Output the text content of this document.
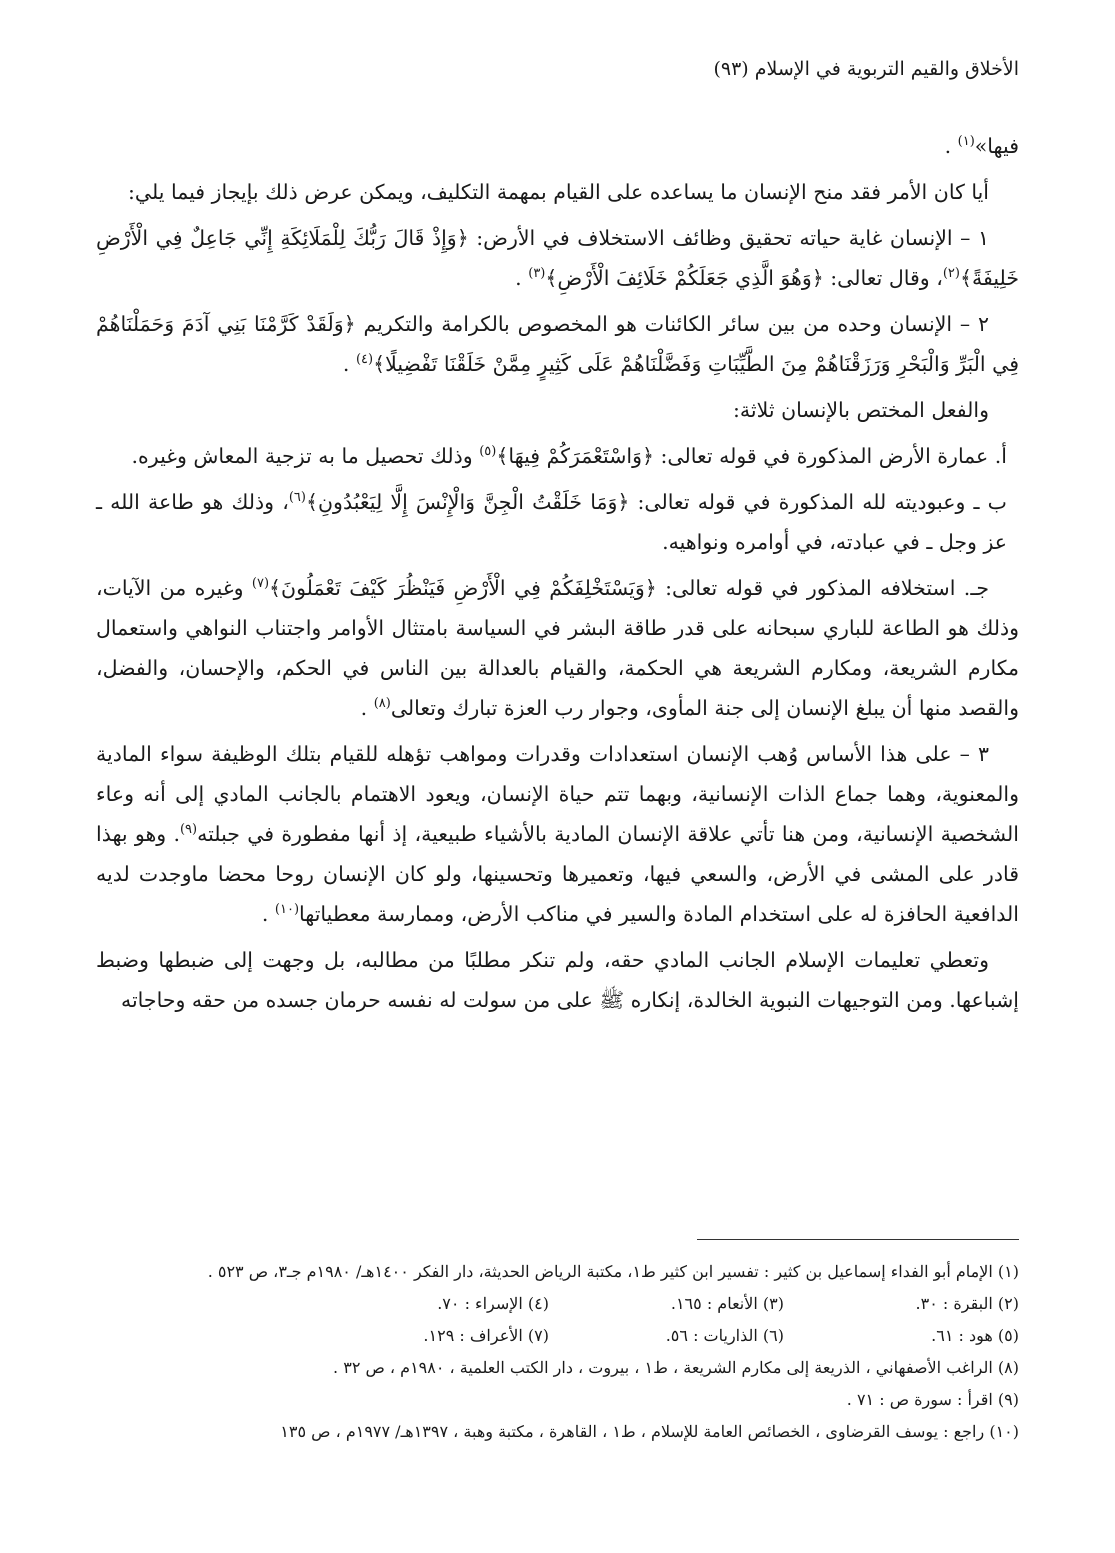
الأخلاق والقيم التربوية في الإسلام (٩٣)

فيها»$^{(١)}$ .

أيا كان الأمر فقد منح الإنسان ما يساعده على القيام بمهمة التكليف، ويمكن عرض ذلك بإيجاز فيما يلي:

١ – الإنسان غاية حياته تحقيق وظائف الاستخلاف في الأرض: ﴿وَإِذْ قَالَ رَبُّكَ لِلْمَلَائِكَةِ إِنِّي جَاعِلٌ فِي الْأَرْضِ خَلِيفَةً﴾$^{(٢)}$، وقال تعالى: ﴿وَهُوَ الَّذِي جَعَلَكُمْ خَلَائِفَ الْأَرْضِ﴾$^{(٣)}$ .

٢ – الإنسان وحده من بين سائر الكائنات هو المخصوص بالكرامة والتكريم ﴿وَلَقَدْ كَرَّمْنَا بَنِي آدَمَ وَحَمَلْنَاهُمْ فِي الْبَرِّ وَالْبَحْرِ وَرَزَقْنَاهُمْ مِنَ الطَّيِّبَاتِ وَفَضَّلْنَاهُمْ عَلَى كَثِيرٍ مِمَّنْ خَلَقْنَا تَفْضِيلًا﴾$^{(٤)}$ .

والفعل المختص بالإنسان ثلاثة:

أ. عمارة الأرض المذكورة في قوله تعالى: ﴿وَاسْتَعْمَرَكُمْ فِيهَا﴾$^{(٥)}$ وذلك تحصيل ما به تزجية المعاش وغيره.

ب ـ وعبوديته لله المذكورة في قوله تعالى: ﴿وَمَا خَلَقْتُ الْجِنَّ وَالْإِنْسَ إِلَّا لِيَعْبُدُونِ﴾$^{(٦)}$، وذلك هو طاعة الله ـ عز وجل ـ في عبادته، في أوامره ونواهيه.

جـ. استخلافه المذكور في قوله تعالى: ﴿وَيَسْتَخْلِفَكُمْ فِي الْأَرْضِ فَيَنْظُرَ كَيْفَ تَعْمَلُونَ﴾$^{(٧)}$ وغيره من الآيات، وذلك هو الطاعة للباري سبحانه على قدر طاقة البشر في السياسة بامتثال الأوامر واجتناب النواهي واستعمال مكارم الشريعة، ومكارم الشريعة هي الحكمة، والقيام بالعدالة بين الناس في الحكم، والإحسان، والفضل، والقصد منها أن يبلغ الإنسان إلى جنة المأوى، وجوار رب العزة تبارك وتعالى$^{(٨)}$ .

٣ – على هذا الأساس وُهب الإنسان استعدادات وقدرات ومواهب تؤهله للقيام بتلك الوظيفة سواء المادية والمعنوية، وهما جماع الذات الإنسانية، وبهما تتم حياة الإنسان، ويعود الاهتمام بالجانب المادي إلى أنه وعاء الشخصية الإنسانية، ومن هنا تأتي علاقة الإنسان المادية بالأشياء طبيعية، إذ أنها مفطورة في جبلته$^{(٩)}$. وهو بهذا قادر على المشى في الأرض، والسعي فيها، وتعميرها وتحسينها، ولو كان الإنسان روحا محضا ماوجدت لديه الدافعية الحافزة له على استخدام المادة والسير في مناكب الأرض، وممارسة معطياتها$^{(١٠)}$ .

وتعطي تعليمات الإسلام الجانب المادي حقه، ولم تنكر مطلبًا من مطالبه، بل وجهت إلى ضبطها وضبط إشباعها. ومن التوجيهات النبوية الخالدة، إنكاره ﷺ على من سولت له نفسه حرمان جسده من حقه وحاجاته

(١) الإمام أبو الفداء إسماعيل بن كثير : تفسير ابن كثير ط١، مكتبة الرياض الحديثة، دار الفكر ١٤٠٠هـ/ ١٩٨٠م جـ٣، ص ٥٢٣ .
(٢) البقرة : ٣٠.
(٣) الأنعام : ١٦٥.
(٤) الإسراء : ٧٠.
(٥) هود : ٦١.
(٦) الذاريات : ٥٦.
(٧) الأعراف : ١٢٩.
(٨) الراغب الأصفهاني ، الذريعة إلى مكارم الشريعة ، ط١ ، بيروت ، دار الكتب العلمية ، ١٩٨٠م ، ص ٣٢ .
(٩) اقرأ : سورة ص : ٧١ .
(١٠) راجع : يوسف القرضاوى ، الخصائص العامة للإسلام ، ط١ ، القاهرة ، مكتبة وهبة ، ١٣٩٧هـ/ ١٩٧٧م ، ص ١٣٥
